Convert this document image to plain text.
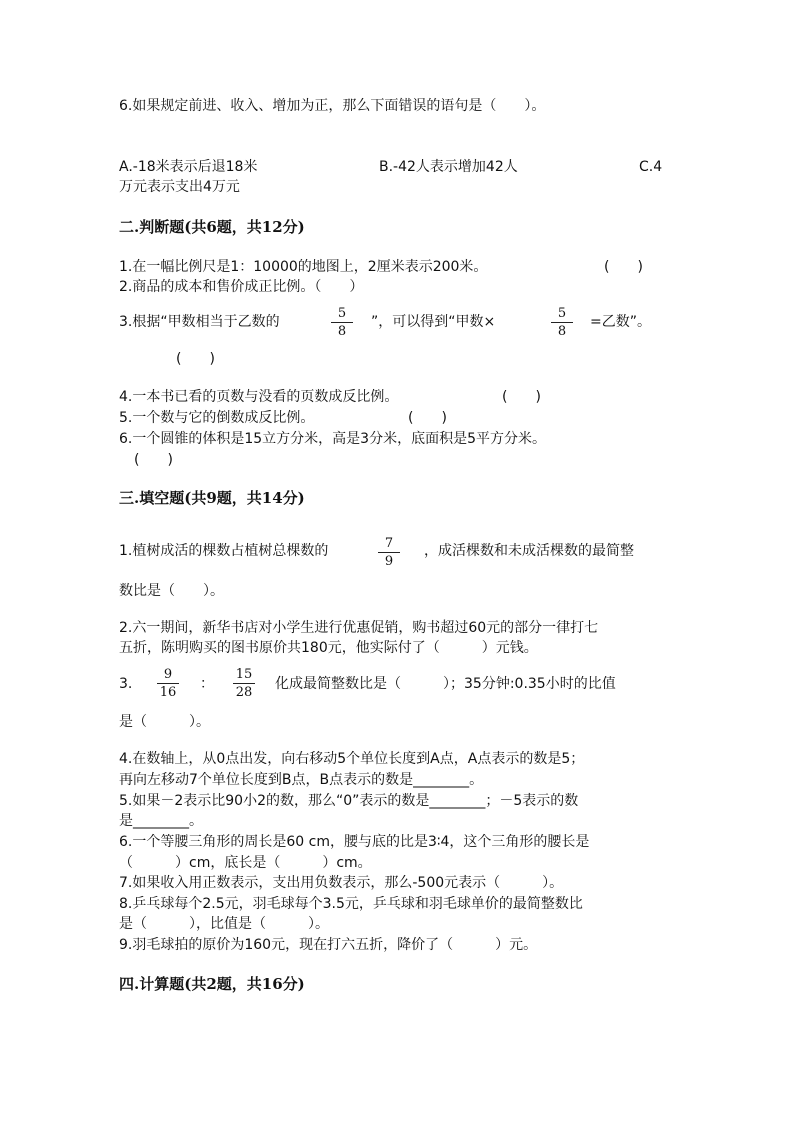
6.如果规定前进、收入、增加为正，那么下面错误的语句是（　　）。
A.-18米表示后退18米	B.-42人表示增加42人	C.4
万元表示支出4万元
二.判断题(共6题，共12分)
1.在一幅比例尺是1：10000的地图上，2厘米表示200米。	(　　)
2.商品的成本和售价成正比例。（　　）
3.根据“甲数相当于乙数的
5
8
”，可以得到“甲数×
5
8
=乙数”。
(　　)
4.一本书已看的页数与没看的页数成反比例。	(　　)
5.一个数与它的倒数成反比例。	(　　)
6.一个圆锥的体积是15立方分米，高是3分米，底面积是5平方分米。
(　　)
三.填空题(共9题，共14分)
1.植树成活的棵数占植树总棵数的	7
9
，成活棵数和未成活棵数的最简整
数比是（　　）。
2.六一期间，新华书店对小学生进行优惠促销，购书超过60元的部分一律打七
五折，陈明购买的图书原价共180元，他实际付了（　　　）元钱。
3.
9
16
：
15
28
化成最简整数比是（　　　）；35分钟:0.35小时的比值
是（　　　）。
4.在数轴上，从0点出发，向右移动5个单位长度到A点，A点表示的数是5；
再向左移动7个单位长度到B点，B点表示的数是________。
5.如果－2表示比90小2的数，那么“0”表示的数是________；－5表示的数
是________。
6.一个等腰三角形的周长是60 cm，腰与底的比是3∶4，这个三角形的腰长是
（　　　）cm，底长是（　　　）cm。
7.如果收入用正数表示，支出用负数表示，那么-500元表示（　　　）。
8.乒乓球每个2.5元，羽毛球每个3.5元，乒乓球和羽毛球单价的最简整数比
是（　　　），比值是（　　　）。
9.羽毛球拍的原价为160元，现在打六五折，降价了（　　　）元。
四.计算题(共2题，共16分)
